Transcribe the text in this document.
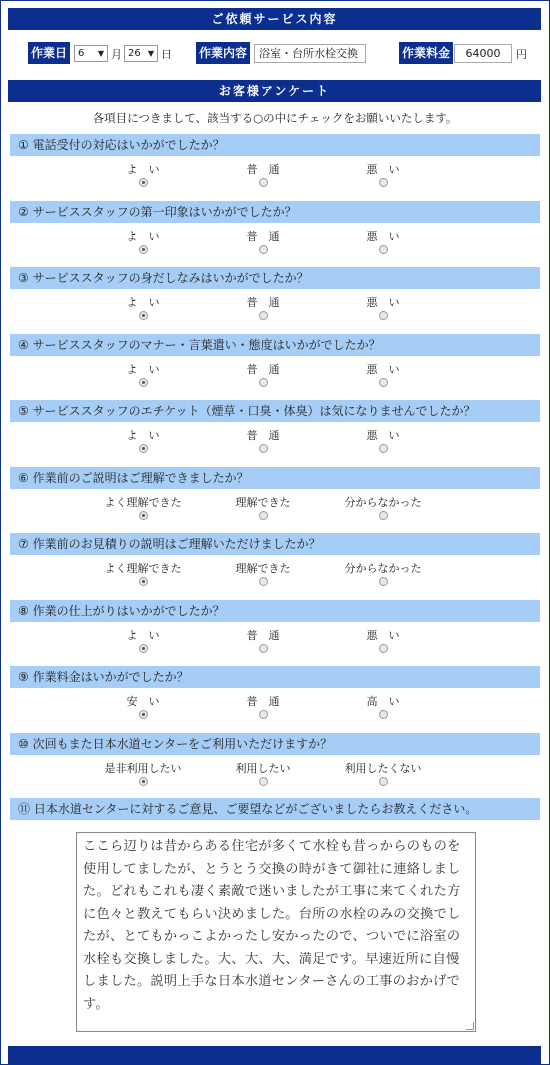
ご依頼サービス内容
作業日	6 ▼ 月 26 ▼ 日 作業内容	浴室・台所水栓交換	作業料金	64000	円
お客様アンケート
各項目につきまして、該当する○の中にチェックをお願いいたします。
① 電話受付の対応はいかがでしたか？
よ　い	普　通	悪　い
② サービススタッフの第一印象はいかがでしたか？
よ　い	普　通	悪　い
③ サービススタッフの身だしなみはいかがでしたか？
よ　い	普　通	悪　い
④ サービススタッフのマナー・言葉遣い・態度はいかがでしたか？
よ　い	普　通	悪　い
⑤ サービススタッフのエチケット（煙草・口臭・体臭）は気になりませんでしたか？
よ　い	普　通	悪　い
⑥ 作業前のご説明はご理解できましたか？
よく理解できた	理解できた	分からなかった
⑦ 作業前のお見積りの説明はご理解いただけましたか？
よく理解できた	理解できた	分からなかった
⑧ 作業の仕上がりはいかがでしたか？
よ　い	普　通	悪　い
⑨ 作業料金はいかがでしたか？
安　い	普　通	高　い
⑩ 次回もまた日本水道センターをご利用いただけますか？
是非利用したい	利用したい	利用したくない
⑪ 日本水道センターに対するご意見、ご要望などがございましたらお教えください。
ここら辺りは昔からある住宅が多くて水栓も昔っからのものを使用してましたが、とうとう交換の時がきて御社に連絡しました。どれもこれも凄く素敵で迷いましたが工事に来てくれた方に色々と教えてもらい決めました。台所の水栓のみの交換でしたが、とてもかっこよかったし安かったので、ついでに浴室の水栓も交換しました。大、大、大、満足です。早速近所に自慢しました。説明上手な日本水道センターさんの工事のおかげです。
